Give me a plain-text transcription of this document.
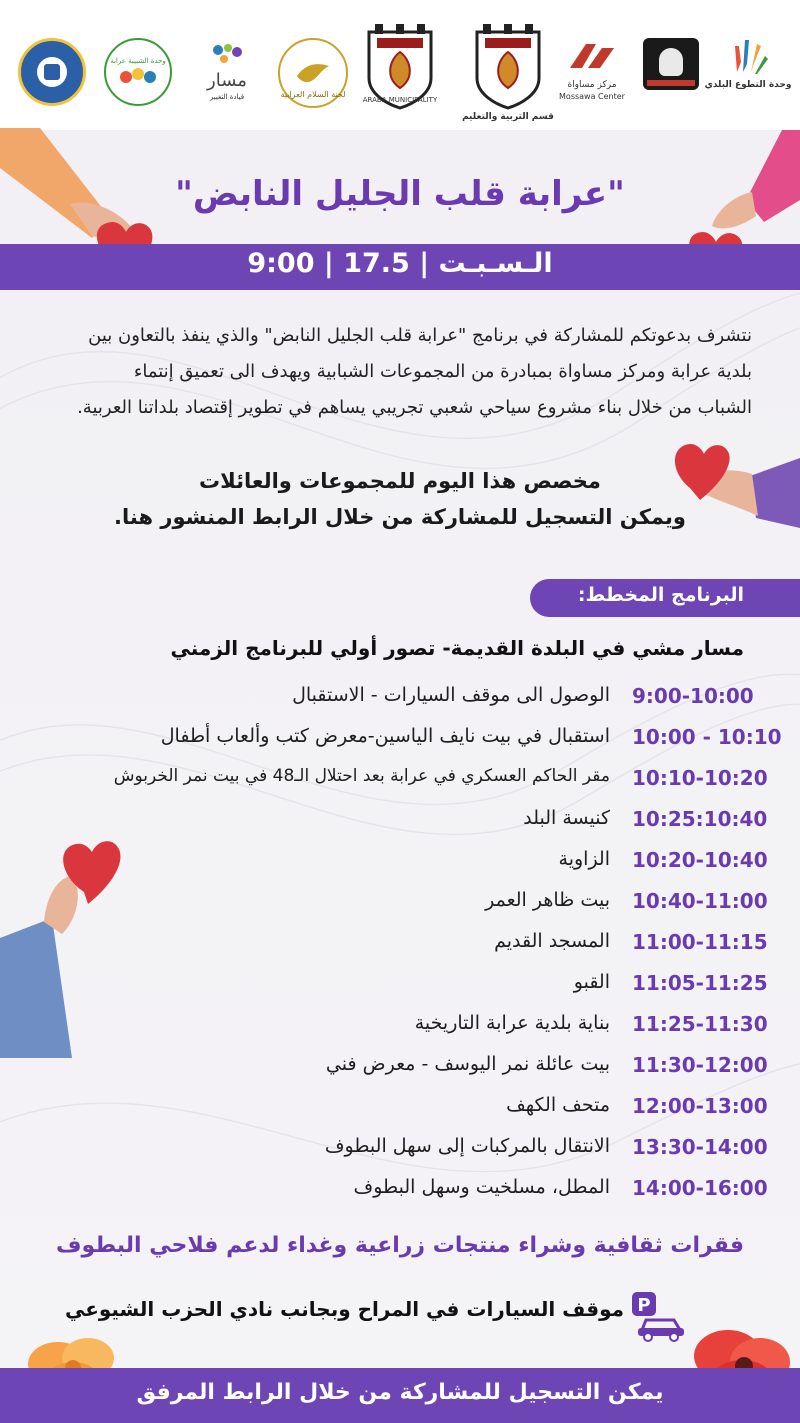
وحدة التطوع البلدي
مركز مساواة
Mossawa Center
قسم التربية والتعليم
ARABA MUNICIPALITY
لجنة السلام العرابية
مسار
قيادة التغيير
وحدة الشبيبة عرابة
"عرابة قلب الجليل النابض"
الـسـبـت | 17.5 | 9:00
نتشرف بدعوتكم للمشاركة في برنامج "عرابة قلب الجليل النابض" والذي ينفذ بالتعاون بين
بلدية عرابة ومركز مساواة بمبادرة من المجموعات الشبابية ويهدف الى تعميق إنتماء
الشباب من خلال بناء مشروع سياحي شعبي تجريبي يساهم في تطوير إقتصاد بلداتنا العربية.
مخصص هذا اليوم للمجموعات والعائلات
ويمكن التسجيل للمشاركة من خلال الرابط المنشور هنا.
البرنامج المخطط:
مسار مشي في البلدة القديمة- تصور أولي للبرنامج الزمني
9:00-10:00
الوصول الى موقف السيارات - الاستقبال
10:00 - 10:10
استقبال في بيت نايف الياسين-معرض كتب وألعاب أطفال
10:10-10:20
مقر الحاكم العسكري في عرابة بعد احتلال الـ48 في بيت نمر الخربوش
10:25:10:40
كنيسة البلد
10:20-10:40
الزاوية
10:40-11:00
بيت ظاهر العمر
11:00-11:15
المسجد القديم
11:05-11:25
القبو
11:25-11:30
بناية بلدية عرابة التاريخية
11:30-12:00
بيت عائلة نمر اليوسف - معرض فني
12:00-13:00
متحف الكهف
13:30-14:00
الانتقال بالمركبات إلى سهل البطوف
14:00-16:00
المطل، مسلخيت وسهل البطوف
فقرات ثقافية وشراء منتجات زراعية وغداء لدعم فلاحي البطوف
P
موقف السيارات في المراح وبجانب نادي الحزب الشيوعي
يمكن التسجيل للمشاركة من خلال الرابط المرفق
